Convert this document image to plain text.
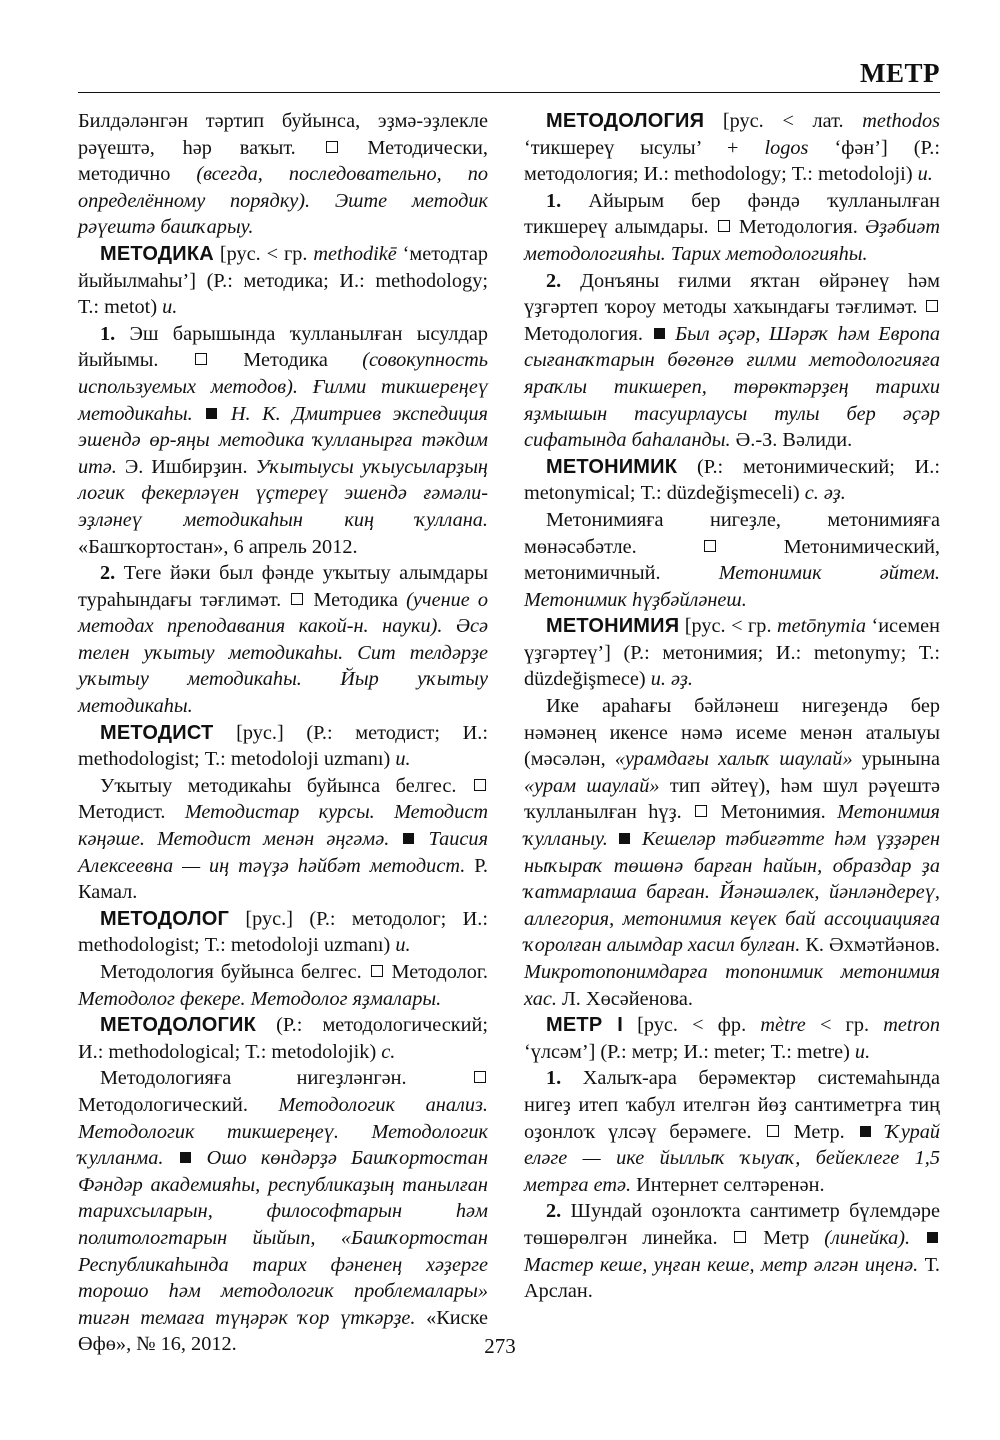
МЕТР

Билдәләнгән тәртип буйынса, эҙмә-эҙлекле рәүештә, һәр ваҡыт.  Методически, методично (всегда, последовательно, по определённому порядку). Эште методик рәүештә башҡарыу.

МЕТОДИКА [рус. < гр. methodikē ‘методтар йыйылмаһы’] (Р.: методика; И.: methodology; Т.: metot) и.

1. Эш барышында ҡулланылған ысулдар йыйымы.  Методика (совокупность используемых методов). Ғилми тикшереңеү методикаһы.  Н. К. Дмитриев экспедиция эшендә өр-яңы методика ҡулланырға тәкдим итә. Э. Ишбирҙин. Уҡытыусы уҡыусыларҙың логик фекерләүен үҫтереү эшендә ғәмәли-эҙләнеү методикаһын киң ҡуллана. «Башҡортостан», 6 апрель 2012.

2. Теге йәки был фәнде уҡытыу алымдары тураһындағы тәғлимәт.  Методика (учение о методах преподавания какой-н. науки). Әсә телен уҡытыу методикаһы. Сит телдәрҙе уҡытыу методикаһы. Йыр уҡытыу методикаһы.

МЕТОДИСТ [рус.] (Р.: методист; И.: methodologist; Т.: metodoloji uzmanı) и.

Уҡытыу методикаһы буйынса белгес.  Методист. Методистар курсы. Методист кәңәше. Методист менән әңгәмә.  Таисия Алексеевна — иң тәүҙә һәйбәт методист. Р. Камал.

МЕТОДОЛОГ [рус.] (Р.: методолог; И.: methodologist; Т.: metodoloji uzmanı) и.

Методология буйынса белгес.  Методолог. Методолог фекере. Методолог яҙмалары.

МЕТОДОЛОГИК (Р.: методологический; И.: methodological; Т.: metodolojik) с.

Методологияға нигеҙләнгән.  Методологический. Методологик анализ. Методологик тикшереңеү. Методологик ҡулланма.  Ошо көндәрҙә Башҡортостан Фәндәр академияһы, республикаҙың танылған тарихсыларын, философтарын һәм политологтарын йыйып, «Башҡортостан Республикаһында тарих фәненең хәҙерге торошо һәм методологик проблемалары» тигән темаға түңәрәк ҡор үткәрҙе. «Киске Өфө», № 16, 2012.

МЕТОДОЛОГИЯ [рус. < лат. methodos ‘тикшереү ысулы’ + logos ‘фән’] (Р.: методология; И.: methodology; Т.: metodoloji) и.

1. Айырым бер фәндә ҡулланылған тикшереү алымдары.  Методология. Әҙәбиәт методологияһы. Тарих методологияһы.

2. Донъяны ғилми яҡтан өйрәнеү һәм үҙгәртеп ҡороу методы хаҡындағы тәғлимәт.  Методология.  Был әҫәр, Шәрәҡ һәм Европа сығанаҡтарын бөгөнгө ғилми методологияға яраҡлы тикшереп, төрөктәрҙең тарихи яҙмышын тасуирлаусы тулы бер әҫәр сифатында баһаланды. Ә.-З. Вәлиди.

МЕТОНИМИК (Р.: метонимический; И.: metonymical; Т.: düzdeğişmeceli) с. әҙ.

Метонимияға нигеҙле, метонимияға мөнәсәбәтле.  Метонимический, метонимичный. Метонимик әйтем. Метонимик һүҙбәйләнеш.

МЕТОНИМИЯ [рус. < гр. metōnymia ‘исемен үҙгәртеү’] (Р.: метонимия; И.: metonymy; Т.: düzdeğişmece) и. әҙ.

Ике араһағы бәйләнеш нигеҙендә бер нәмәнең икенсе нәмә исеме менән аталыуы (мәсәлән, «урамдағы халыҡ шаулай» урынына «урам шаулай» тип әйтеү), һәм шул рәүештә ҡулланылған һүҙ.  Метонимия. Метонимия ҡулланыу.  Кешеләр тәбиғәтте һәм үҙҙәрен ныҡыраҡ төшөнә барған һайын, образдар ҙа ҡатмарлаша барған. Йәнәшәлек, йәнләндереү, аллегория, метонимия кеүек бай ассоциацияға ҡоролған алымдар хасил булған. К. Әхмәтйәнов. Микротопонимдарға топонимик метонимия хас. Л. Хөсәйенова.

МЕТР I [рус. < фр. mètre < гр. metron ‘үлсәм’] (Р.: метр; И.: meter; Т.: metre) и.

1. Халыҡ-ара берәмектәр системаһында нигеҙ итеп ҡабул ителгән йөҙ сантиметрға тиң оҙонлоҡ үлсәү берәмеге.  Метр.  Ҡурай еләге — ике йыллыҡ ҡыуаҡ, бейеклеге 1,5 метрға етә. Интернет селтәренән.

2. Шундай оҙонлоҡта сантиметр бүлемдәре төшөрөлгән линейка.  Метр (линейка).  Мастер кеше, уңған кеше, метр әлгән иңенә. Т. Арслан.

273
